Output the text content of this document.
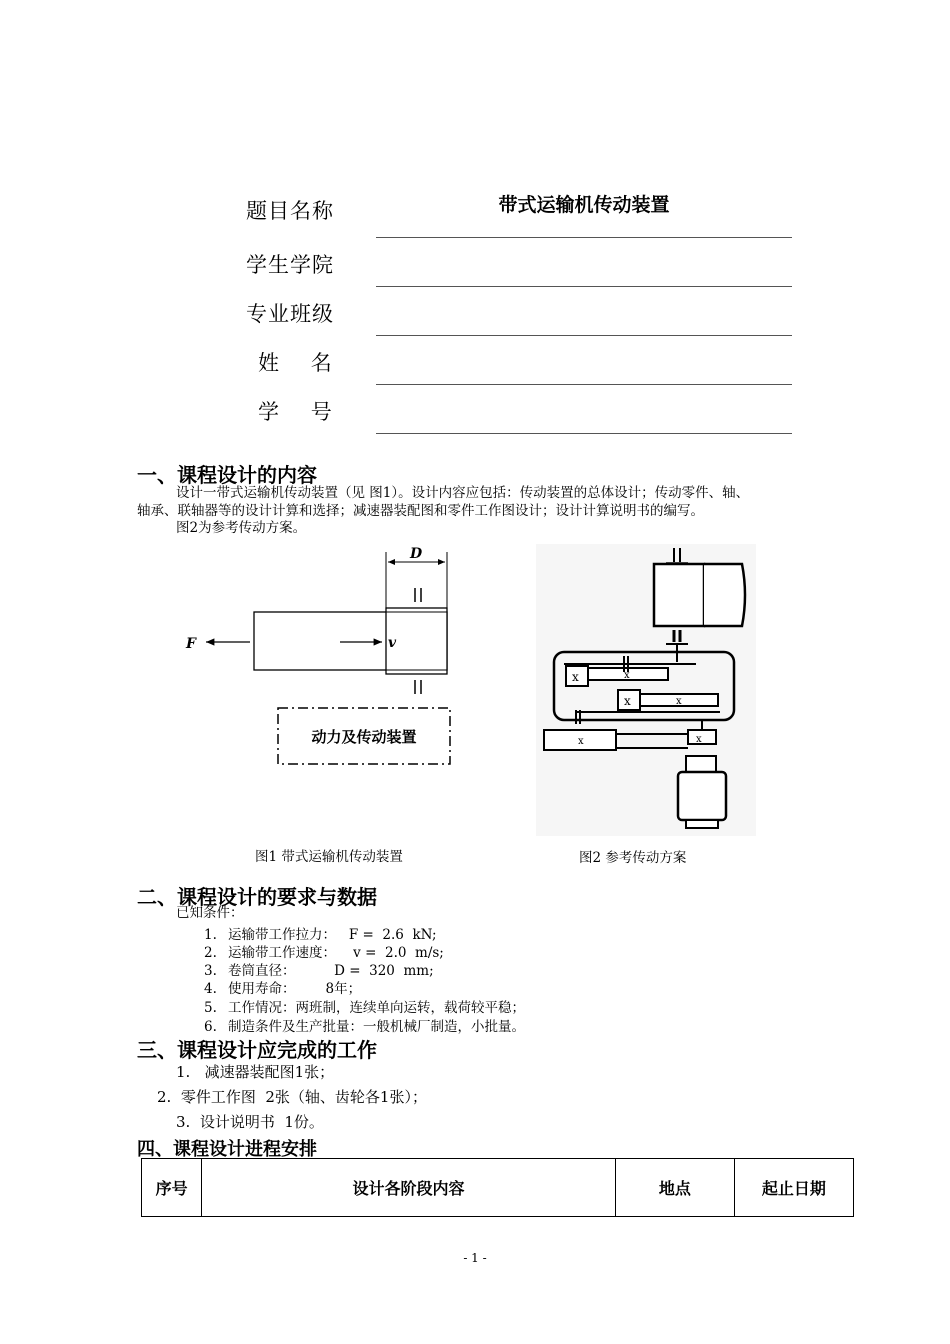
题目名称	带式运输机传动装置
学生学院
专业班级
姓    名
学    号
一、课程设计的内容
设计一带式运输机传动装置（见 图1）。设计内容应包括：传动装置的总体设计；传动零件、轴、
轴承、联轴器等的设计计算和选择；减速器装配图和零件工作图设计；设计计算说明书的编写。
图2为参考传动方案。
D
F	v
动力及传动装置
图1 带式运输机传动装置
x	x
x	x
x	x
图2 参考传动方案
二、课程设计的要求与数据
已知条件：
1. 运输带工作拉力：   F =  2.6  kN;
2. 运输带工作速度：    v =  2.0  m/s;
3. 卷筒直径：         D =  320  mm;
4. 使用寿命：       8年；
5. 工作情况：两班制，连续单向运转，载荷较平稳；
6. 制造条件及生产批量：一般机械厂制造，小批量。
三、课程设计应完成的工作
1.   减速器装配图1张；
2.  零件工作图  2张（轴、齿轮各1张）；
3.  设计说明书  1份。
四、课程设计进程安排
序号	设计各阶段内容	地点	起止日期
- 1 -
